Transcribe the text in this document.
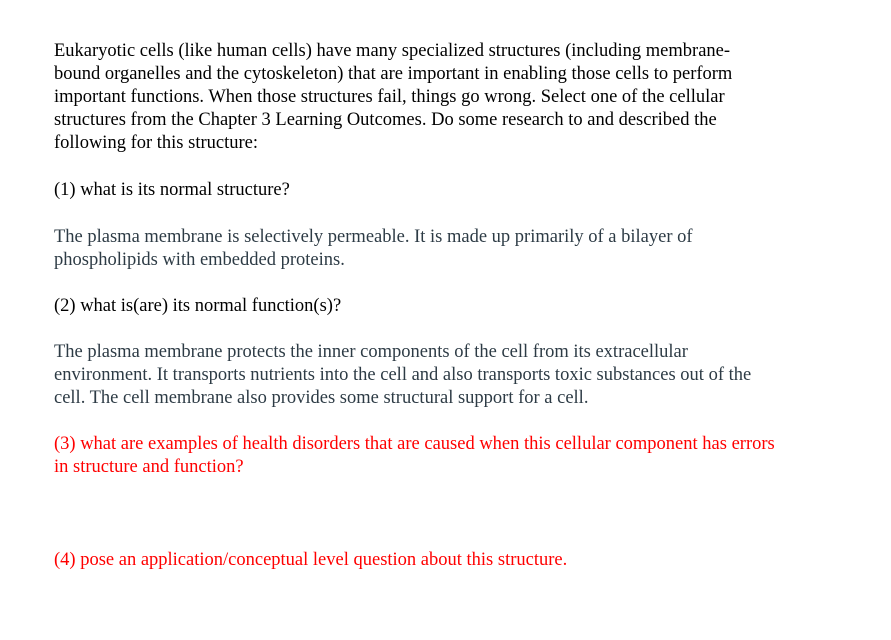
Eukaryotic cells (like human cells) have many specialized structures (including membrane-
bound organelles and the cytoskeleton) that are important in enabling those cells to perform
important functions. When those structures fail, things go wrong. Select one of the cellular
structures from the Chapter 3 Learning Outcomes. Do some research to and described the
following for this structure:

(1) what is its normal structure?

The plasma membrane is selectively permeable. It is made up primarily of a bilayer of
phospholipids with embedded proteins.

(2) what is(are) its normal function(s)?

The plasma membrane protects the inner components of the cell from its extracellular
environment. It transports nutrients into the cell and also transports toxic substances out of the
cell. The cell membrane also provides some structural support for a cell.

(3) what are examples of health disorders that are caused when this cellular component has errors
in structure and function?

(4) pose an application/conceptual level question about this structure.
